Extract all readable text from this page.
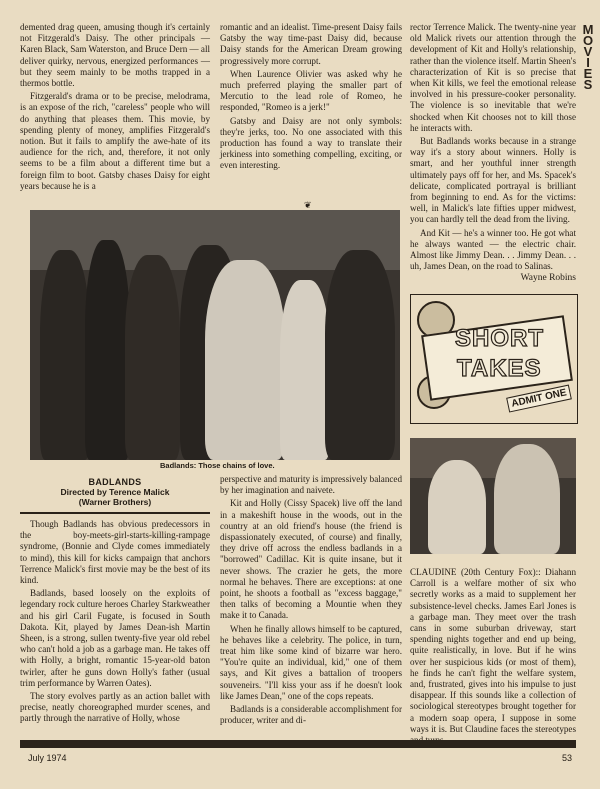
M
O
V
I
E
S

demented drag queen, amusing though it's certainly not Fitzgerald's Daisy. The other principals — Karen Black, Sam Waterston, and Bruce Dern — all deliver quirky, nervous, energized performances — but they seem mainly to be moths trapped in a thermos bottle.

Fitzgerald's drama or to be precise, melodrama, is an expose of the rich, "careless" people who will do anything that pleases them. This movie, by spending plenty of money, amplifies Fitzgerald's notion. But it fails to amplify the awe-hate of its audience for the rich, and, therefore, it not only seems to be a film about a different time but a foreign film to boot. Gatsby chases Daisy for eight years because he is a

romantic and an idealist. Time-present Daisy fails Gatsby the way time-past Daisy did, because Daisy stands for the American Dream growing progressively more corrupt.

When Laurence Olivier was asked why he much preferred playing the smaller part of Mercutio to the lead role of Romeo, he responded, "Romeo is a jerk!"

Gatsby and Daisy are not only symbols: they're jerks, too. No one associated with this production has found a way to translate their jerkiness into something compelling, exciting, or even interesting.

❦

rector Terrence Malick. The twenty-nine year old Malick rivets our attention through the development of Kit and Holly's relationship, rather than the violence itself. Martin Sheen's characterization of Kit is so precise that when Kit kills, we feel the emotional release involved in his pressure-cooker personality. The violence is so inevitable that we're shocked when Kit chooses not to kill those he interacts with.

But Badlands works because in a strange way it's a story about winners. Holly is smart, and her youthful inner strength ultimately pays off for her, and Ms. Spacek's delicate, complicated portrayal is brilliant from beginning to end. As for the victims: well, in Malick's late fifties upper midwest, you can hardly tell the dead from the living.

And Kit — he's a winner too. He got what he always wanted — the electric chair. Almost like Jimmy Dean. . . Jimmy Dean. . . uh, James Dean, on the road to Salinas.

Wayne Robins
Badlands: Those chains of love.
BADLANDS
Directed by Terence Malick
(Warner Brothers)

Though Badlands has obvious predecessors in the boy-meets-girl-starts-killing-rampage syndrome, (Bonnie and Clyde comes immediately to mind), this kill for kicks campaign that anchors Terrence Malick's first movie may be the best of its kind.

Badlands, based loosely on the exploits of legendary rock culture heroes Charley Starkweather and his girl Caril Fugate, is focused in South Dakota. Kit, played by James Dean-ish Martin Sheen, is a strong, sullen twenty-five year old rebel who can't hold a job as a garbage man. He takes off with Holly, a bright, romantic 15-year-old baton twirler, after he guns down Holly's father (usual trim performance by Warren Oates).

The story evolves partly as an action ballet with precise, neatly choreographed murder scenes, and partly through the narrative of Holly, whose

perspective and maturity is impressively balanced by her imagination and naivete.

Kit and Holly (Cissy Spacek) live off the land in a makeshift house in the woods, out in the country at an old friend's house (the friend is dispassionately executed, of course) and finally, they drive off across the endless badlands in a "borrowed" Cadillac. Kit is quite insane, but it never shows. The crazier he gets, the more normal he behaves. There are exceptions: at one point, he shoots a football as "excess baggage," then talks of becoming a Mountie when they make it to Canada.

When he finally allows himself to be captured, he behaves like a celebrity. The police, in turn, treat him like some kind of bizarre war hero. "You're quite an individual, kid," one of them says, and Kit gives a battalion of troopers souveneirs. "I'll kiss your ass if he doesn't look like James Dean," one of the cops repeats.

Badlands is a considerable accomplishment for producer, writer and di-

SHORT
TAKES
ADMIT ONE

CLAUDINE (20th Century Fox):: Diahann Carroll is a welfare mother of six who secretly works as a maid to supplement her subsistence-level checks. James Earl Jones is a garbage man. They meet over the trash cans in some suburban driveway, start spending nights together and end up being, quite realistically, in love. But if he wins over her suspicious kids (or most of them), he finds he can't fight the welfare system, and, frustrated, gives into his impulse to just disappear. If this sounds like a collection of sociological stereotypes brought together for a modern soap opera, I suppose in some ways it is. But Claudine faces the stereotypes

July 1974	53
